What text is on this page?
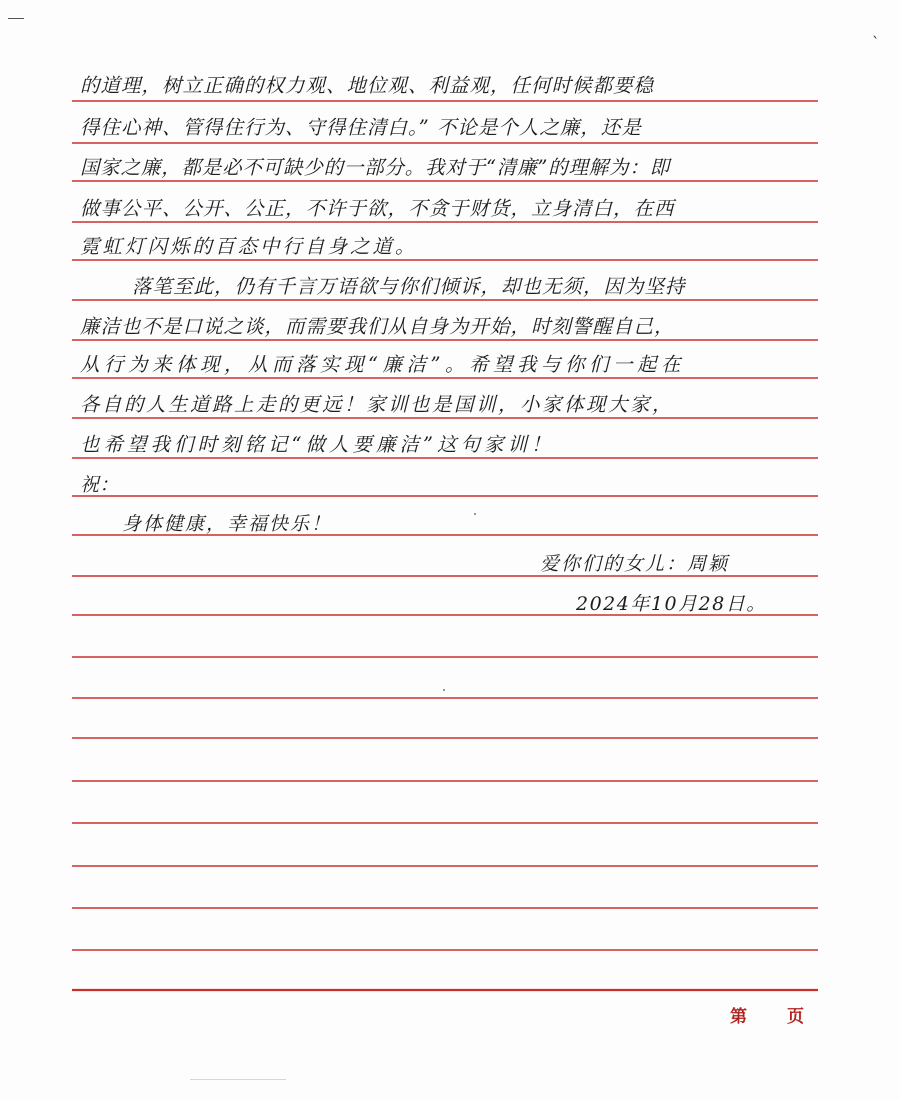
ˋ
的道理，树立正确的权力观、地位观、利益观，任何时候都要稳
得住心神、管得住行为、守得住清白。” 不论是个人之廉，还是
国家之廉，都是必不可缺少的一部分。我对于“清廉”的理解为：即
做事公平、公开、公正，不许于欲，不贪于财货，立身清白，在西
霓虹灯闪烁的百态中行自身之道。
落笔至此，仍有千言万语欲与你们倾诉，却也无须，因为坚持
廉洁也不是口说之谈，而需要我们从自身为开始，时刻警醒自己，
从行为来体现，从而落实现“廉洁”。希望我与你们一起在
各自的人生道路上走的更远！家训也是国训，小家体现大家，
也希望我们时刻铭记“做人要廉洁”这句家训！
祝：
身体健康，幸福快乐！
爱你们的女儿：周颖
2024年10月28日。
第 页
